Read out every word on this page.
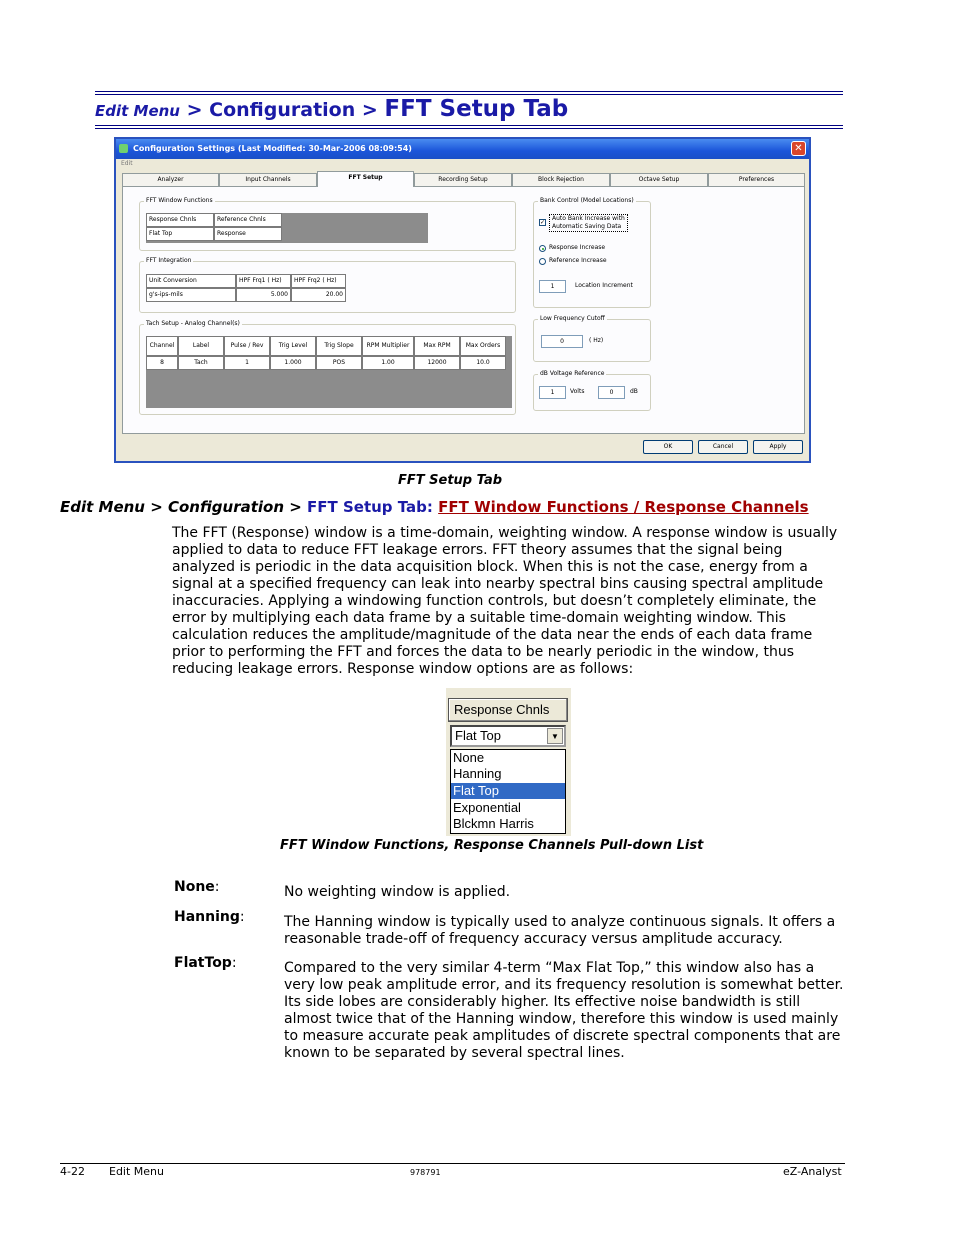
Edit Menu > Configuration > FFT Setup Tab
Configuration Settings (Last Modified: 30-Mar-2006 08:09:54)	✕
Edit
Analyzer	Input Channels	FFT Setup	Recording Setup	Block Rejection	Octave Setup	Preferences
FFT Window Functions
Response Chnls	Reference Chnls
Flat Top	Response
FFT Integration
Unit Conversion	HPF Frq1 ( Hz)	HPF Frq2 ( Hz)
g's-ips-mils	5.000	20.00
Tach Setup - Analog Channel(s)
Channel	Label	Pulse / Rev	Trig Level	Trig Slope	RPM Multiplier	Max RPM	Max Orders
8	Tach	1	1.000	POS	1.00	12000	10.0
Bank Control (Model Locations)
✓
Auto Bank Increase with
Automatic Saving Data
Response Increase
Reference Increase
1	Location Increment
Low Frequency Cutoff
0	( Hz)
dB Voltage Reference
1	Volts	0	dB
OK	Cancel	Apply
FFT Setup Tab
Edit Menu > Configuration > FFT Setup Tab: FFT Window Functions / Response Channels
The FFT (Response) window is a time-domain, weighting window. A response window is usually applied to data to reduce FFT leakage errors. FFT theory assumes that the signal being analyzed is periodic in the data acquisition block. When this is not the case, energy from a signal at a specified frequency can leak into nearby spectral bins causing spectral amplitude inaccuracies. Applying a windowing function controls, but doesn’t completely eliminate, the error by multiplying each data frame by a suitable time-domain weighting window. This calculation reduces the amplitude/magnitude of the data near the ends of each data frame prior to performing the FFT and forces the data to be nearly periodic in the window, thus reducing leakage errors. Response window options are as follows:
Response Chnls
Flat Top	▼
None
Hanning
Flat Top
Exponential
Blckmn Harris
FFT Window Functions, Response Channels Pull-down List
None:	No weighting window is applied.
Hanning:	The Hanning window is typically used to analyze continuous signals. It offers a reasonable trade-off of frequency accuracy versus amplitude accuracy.
FlatTop:	Compared to the very similar 4-term “Max Flat Top,” this window also has a very low peak amplitude error, and its frequency resolution is somewhat better. Its side lobes are considerably higher. Its effective noise bandwidth is still almost twice that of the Hanning window, therefore this window is used mainly to measure accurate peak amplitudes of discrete spectral components that are known to be separated by several spectral lines.
4-22 Edit Menu	978791	eZ-Analyst
